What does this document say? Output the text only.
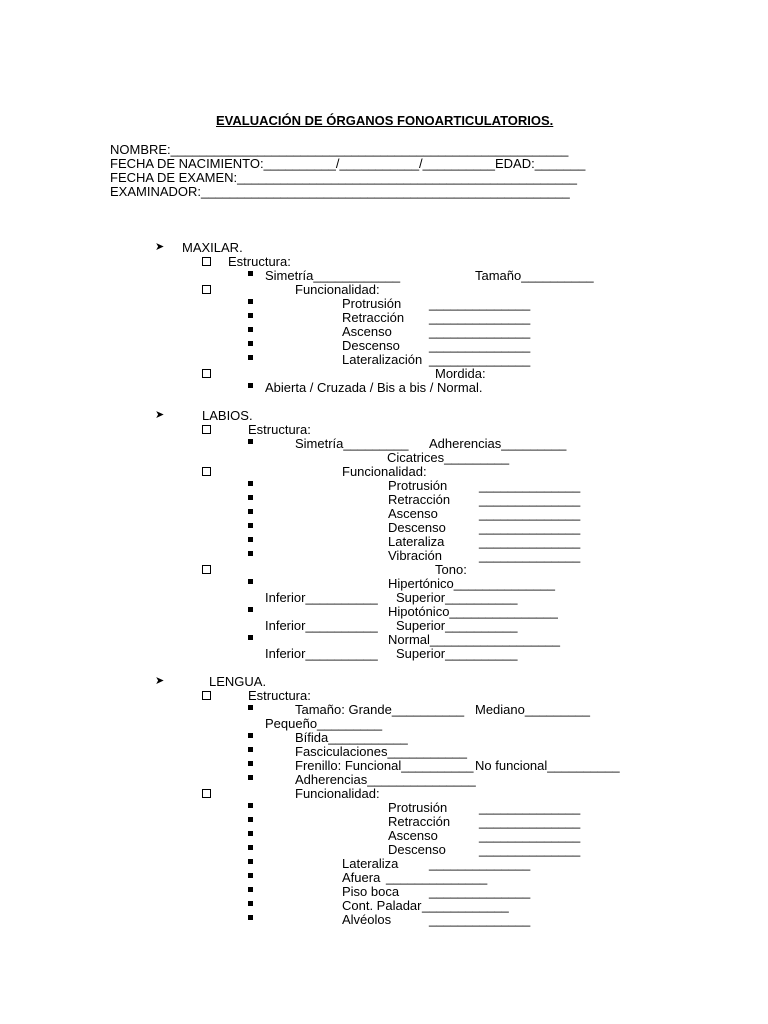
EVALUACIÓN DE ÓRGANOS FONOARTICULATORIOS.
NOMBRE:_______________________________________________________
FECHA DE NACIMIENTO:__________/___________/__________EDAD:_______
FECHA DE EXAMEN:_______________________________________________
EXAMINADOR:___________________________________________________
➤ MAXILAR.
Estructura:
Simetría____________	Tamaño__________
Funcionalidad:
Protrusión ______________
Retracción ______________
Ascenso	______________
Descenso ______________
Lateralización ______________
Mordida:
Abierta / Cruzada / Bis a bis / Normal.
➤	LABIOS.
Estructura:
Simetría_________ Adherencias_________
Cicatrices_________
Funcionalidad:
Protrusión ______________
Retracción ______________
Ascenso	______________
Descenso	______________
Lateraliza	______________
Vibración	______________
Tono:
Hipertónico______________
Inferior__________ Superior__________
Hipotónico_______________
Inferior__________ Superior__________
Normal__________________
Inferior__________ Superior__________
➤	LENGUA.
Estructura:
Tamaño: Grande__________ Mediano_________
Pequeño_________
Bífida___________
Fasciculaciones___________
Frenillo: Funcional__________ No funcional__________
Adherencias_______________
Funcionalidad:
Protrusión ______________
Retracción ______________
Ascenso	______________
Descenso	______________
Lateraliza ______________
Afuera ______________
Piso boca ______________
Cont. Paladar ____________
Alvéolos	______________
